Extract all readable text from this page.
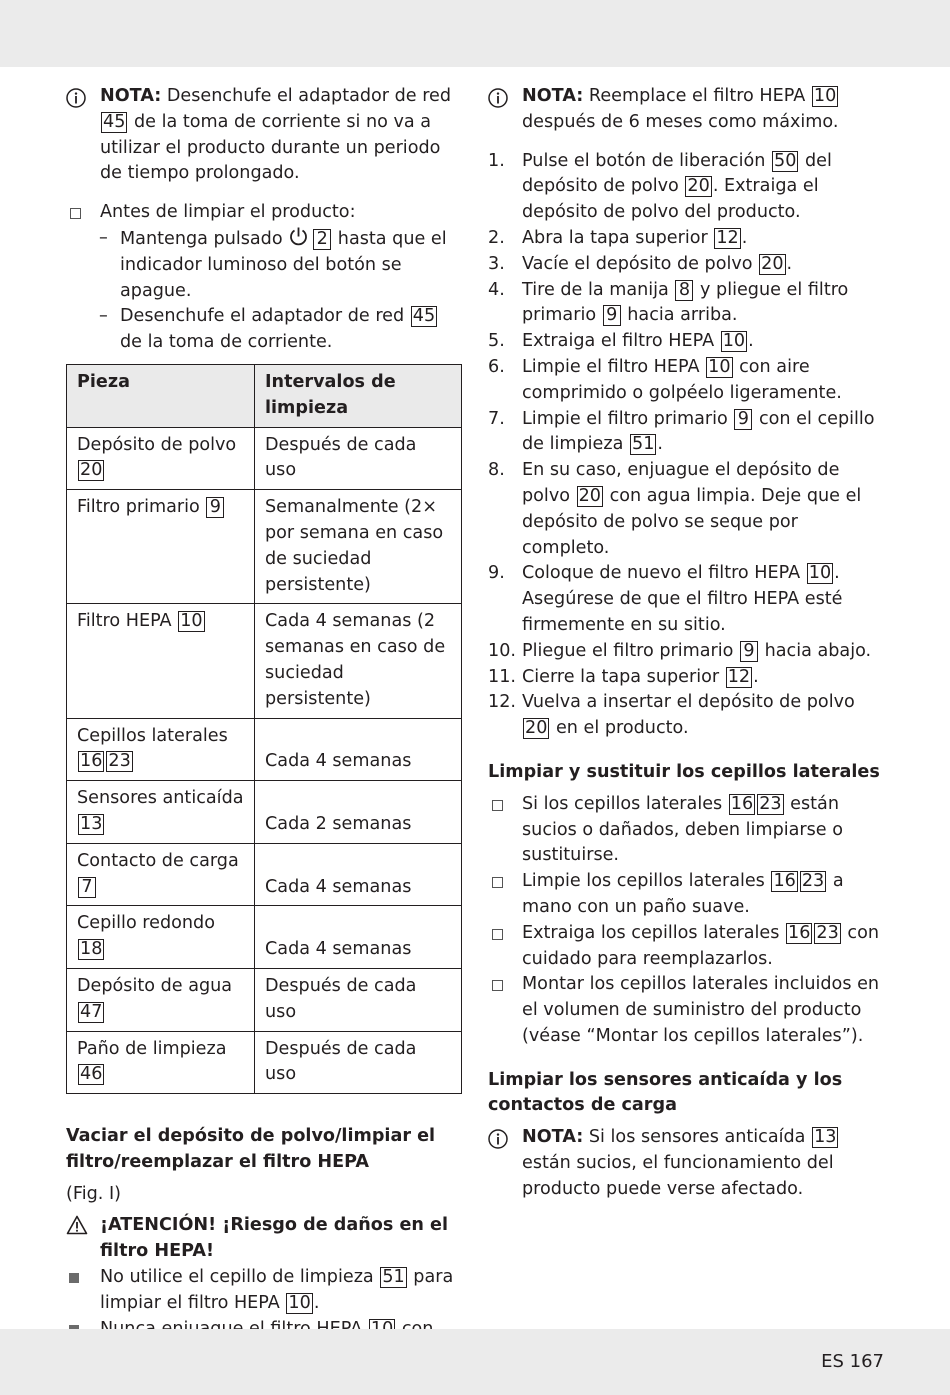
NOTA: Desenchufe el adaptador de red 45 de la toma de corriente si no va a utilizar el producto durante un periodo de tiempo prolongado.
Antes de limpiar el producto:
– Mantenga pulsado 2 hasta que el indicador luminoso del botón se apague.
– Desenchufe el adaptador de red 45 de la toma de corriente.
Pieza	Intervalos de limpieza
Depósito de polvo 20	Después de cada uso
Filtro primario 9	Semanalmente (2× por semana en caso de suciedad persistente)
Filtro HEPA 10	Cada 4 semanas (2 semanas en caso de suciedad persistente)
Cepillos laterales 16 23	Cada 4 semanas
Sensores anticaída 13	Cada 2 semanas
Contacto de carga 7	Cada 4 semanas
Cepillo redondo 18	Cada 4 semanas
Depósito de agua 47	Después de cada uso
Paño de limpieza 46	Después de cada uso
Vaciar el depósito de polvo/limpiar el filtro/reemplazar el filtro HEPA
(Fig. I)
¡ATENCIÓN! ¡Riesgo de daños en el filtro HEPA!
No utilice el cepillo de limpieza 51 para limpiar el filtro HEPA 10 .
NOTA: Reemplace el filtro HEPA 10 después de 6 meses como máximo.
1. Pulse el botón de liberación 50 del depósito de polvo 20 . Extraiga el depósito de polvo del producto.
2. Abra la tapa superior 12 .
3. Vacíe el depósito de polvo 20 .
4. Tire de la manija 8 y pliegue el filtro primario 9 hacia arriba.
5. Extraiga el filtro HEPA 10 .
6. Limpie el filtro HEPA 10 con aire comprimido o golpéelo ligeramente.
7. Limpie el filtro primario 9 con el cepillo de limpieza 51 .
8. En su caso, enjuague el depósito de polvo 20 con agua limpia. Deje que el depósito de polvo se seque por completo.
9. Coloque de nuevo el filtro HEPA 10 . Asegúrese de que el filtro HEPA esté firmemente en su sitio.
10. Pliegue el filtro primario 9 hacia abajo.
11. Cierre la tapa superior 12 .
12. Vuelva a insertar el depósito de polvo 20 en el producto.
Limpiar y sustituir los cepillos laterales
Si los cepillos laterales 16 23 están sucios o dañados, deben limpiarse o sustituirse.
Limpie los cepillos laterales 16 23 a mano con un paño suave.
Extraiga los cepillos laterales 16 23 con cuidado para reemplazarlos.
Montar los cepillos laterales incluidos en el volumen de suministro del producto (véase “Montar los cepillos laterales”).
Limpiar los sensores anticaída y los contactos de carga
NOTA: Si los sensores anticaída 13 están sucios, el funcionamiento del producto puede verse afectado.
ES 167
